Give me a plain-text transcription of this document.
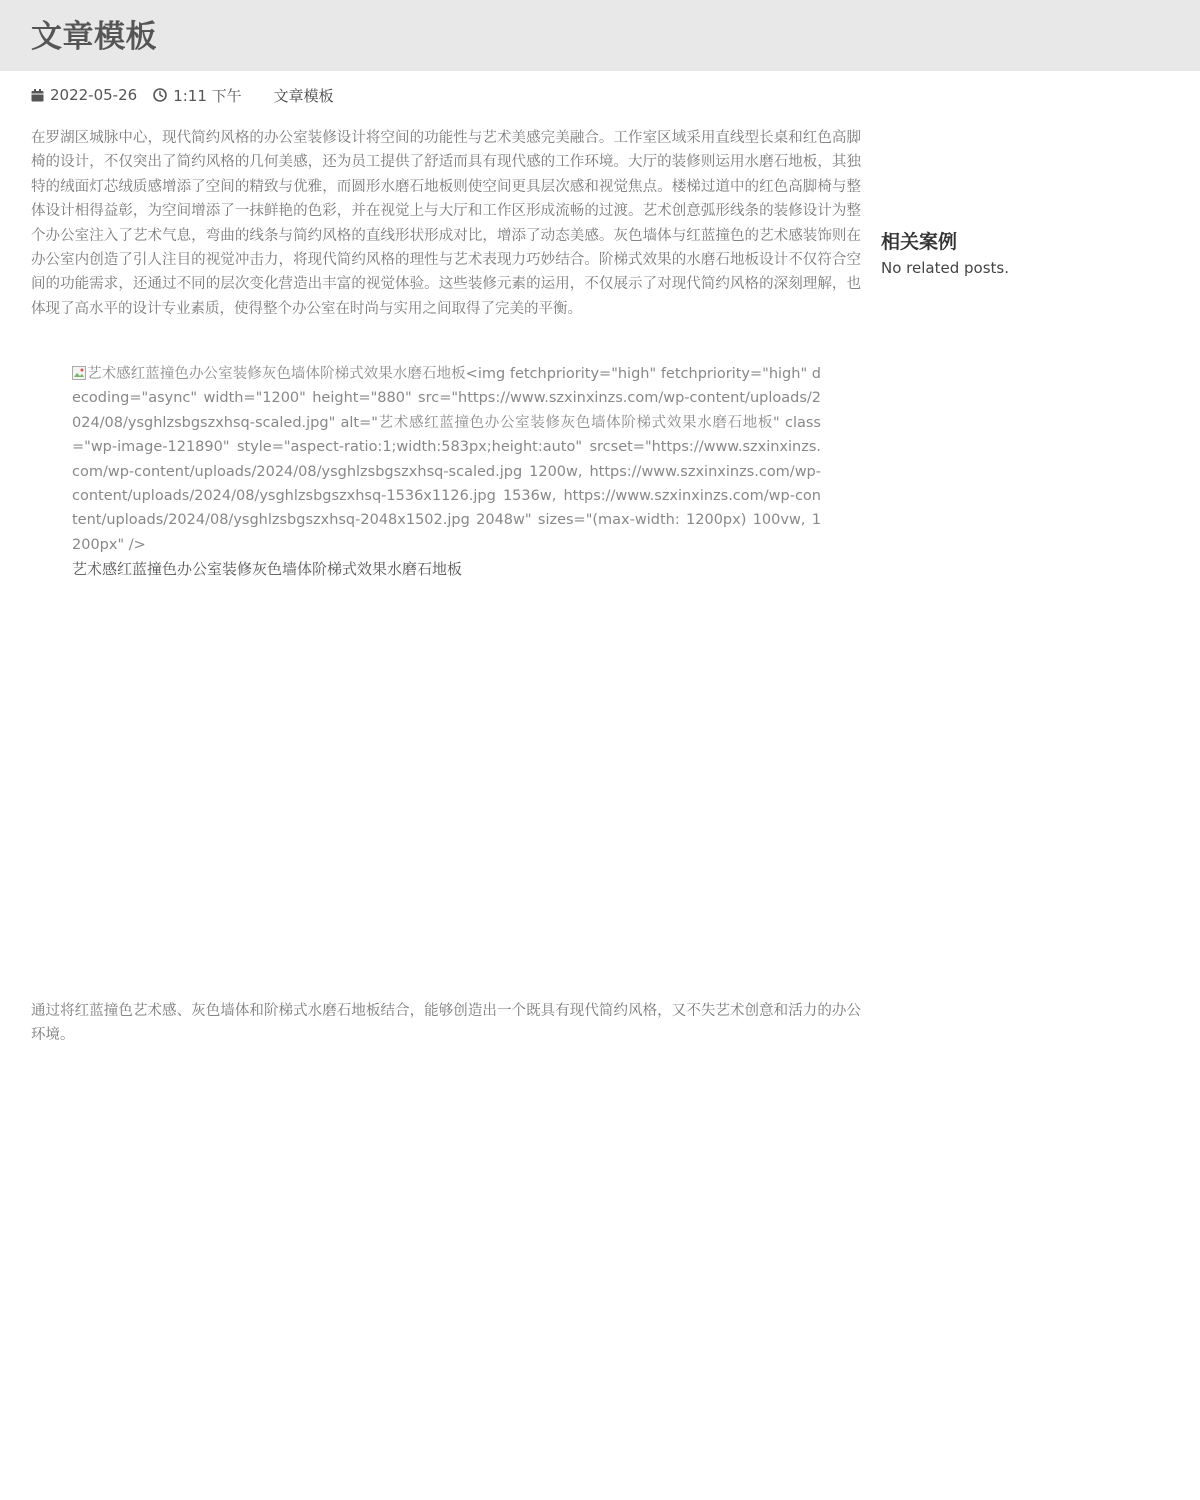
文章模板
2022-05-26 1:11 下午 文章模板

在罗湖区城脉中心，现代简约风格的办公室装修设计将空间的功能性与艺术美感完美融合。工作室区域采用直线型长桌和红色高脚椅的设计，不仅突出了简约风格的几何美感，还为员工提供了舒适而具有现代感的工作环境。大厅的装修则运用水磨石地板，其独特的绒面灯芯绒质感增添了空间的精致与优雅，而圆形水磨石地板则使空间更具层次感和视觉焦点。楼梯过道中的红色高脚椅与整体设计相得益彰，为空间增添了一抹鲜艳的色彩，并在视觉上与大厅和工作区形成流畅的过渡。艺术创意弧形线条的装修设计为整个办公室注入了艺术气息，弯曲的线条与简约风格的直线形状形成对比，增添了动态美感。灰色墙体与红蓝撞色的艺术感装饰则在办公室内创造了引人注目的视觉冲击力，将现代简约风格的理性与艺术表现力巧妙结合。阶梯式效果的水磨石地板设计不仅符合空间的功能需求，还通过不同的层次变化营造出丰富的视觉体验。这些装修元素的运用，不仅展示了对现代简约风格的深刻理解，也体现了高水平的设计专业素质，使得整个办公室在时尚与实用之间取得了完美的平衡。

艺术感红蓝撞色办公室装修灰色墙体阶梯式效果水磨石地板<img fetchpriority="high" fetchpriority="high" decoding="async" width="1200" height="880" src="https://www.szxinxinzs.com/wp-content/uploads/2024/08/ysghlzsbgszxhsq-scaled.jpg" alt="艺术感红蓝撞色办公室装修灰色墙体阶梯式效果水磨石地板" class="wp-image-121890" style="aspect-ratio:1;width:583px;height:auto" srcset="https://www.szxinxinzs.com/wp-content/uploads/2024/08/ysghlzsbgszxhsq-scaled.jpg 1200w, https://www.szxinxinzs.com/wp-content/uploads/2024/08/ysghlzsbgszxhsq-1536x1126.jpg 1536w, https://www.szxinxinzs.com/wp-content/uploads/2024/08/ysghlzsbgszxhsq-2048x1502.jpg 2048w" sizes="(max-width: 1200px) 100vw, 1200px" />

艺术感红蓝撞色办公室装修灰色墙体阶梯式效果水磨石地板

通过将红蓝撞色艺术感、灰色墙体和阶梯式水磨石地板结合，能够创造出一个既具有现代简约风格，又不失艺术创意和活力的办公环境。

相关案例

No related posts.
